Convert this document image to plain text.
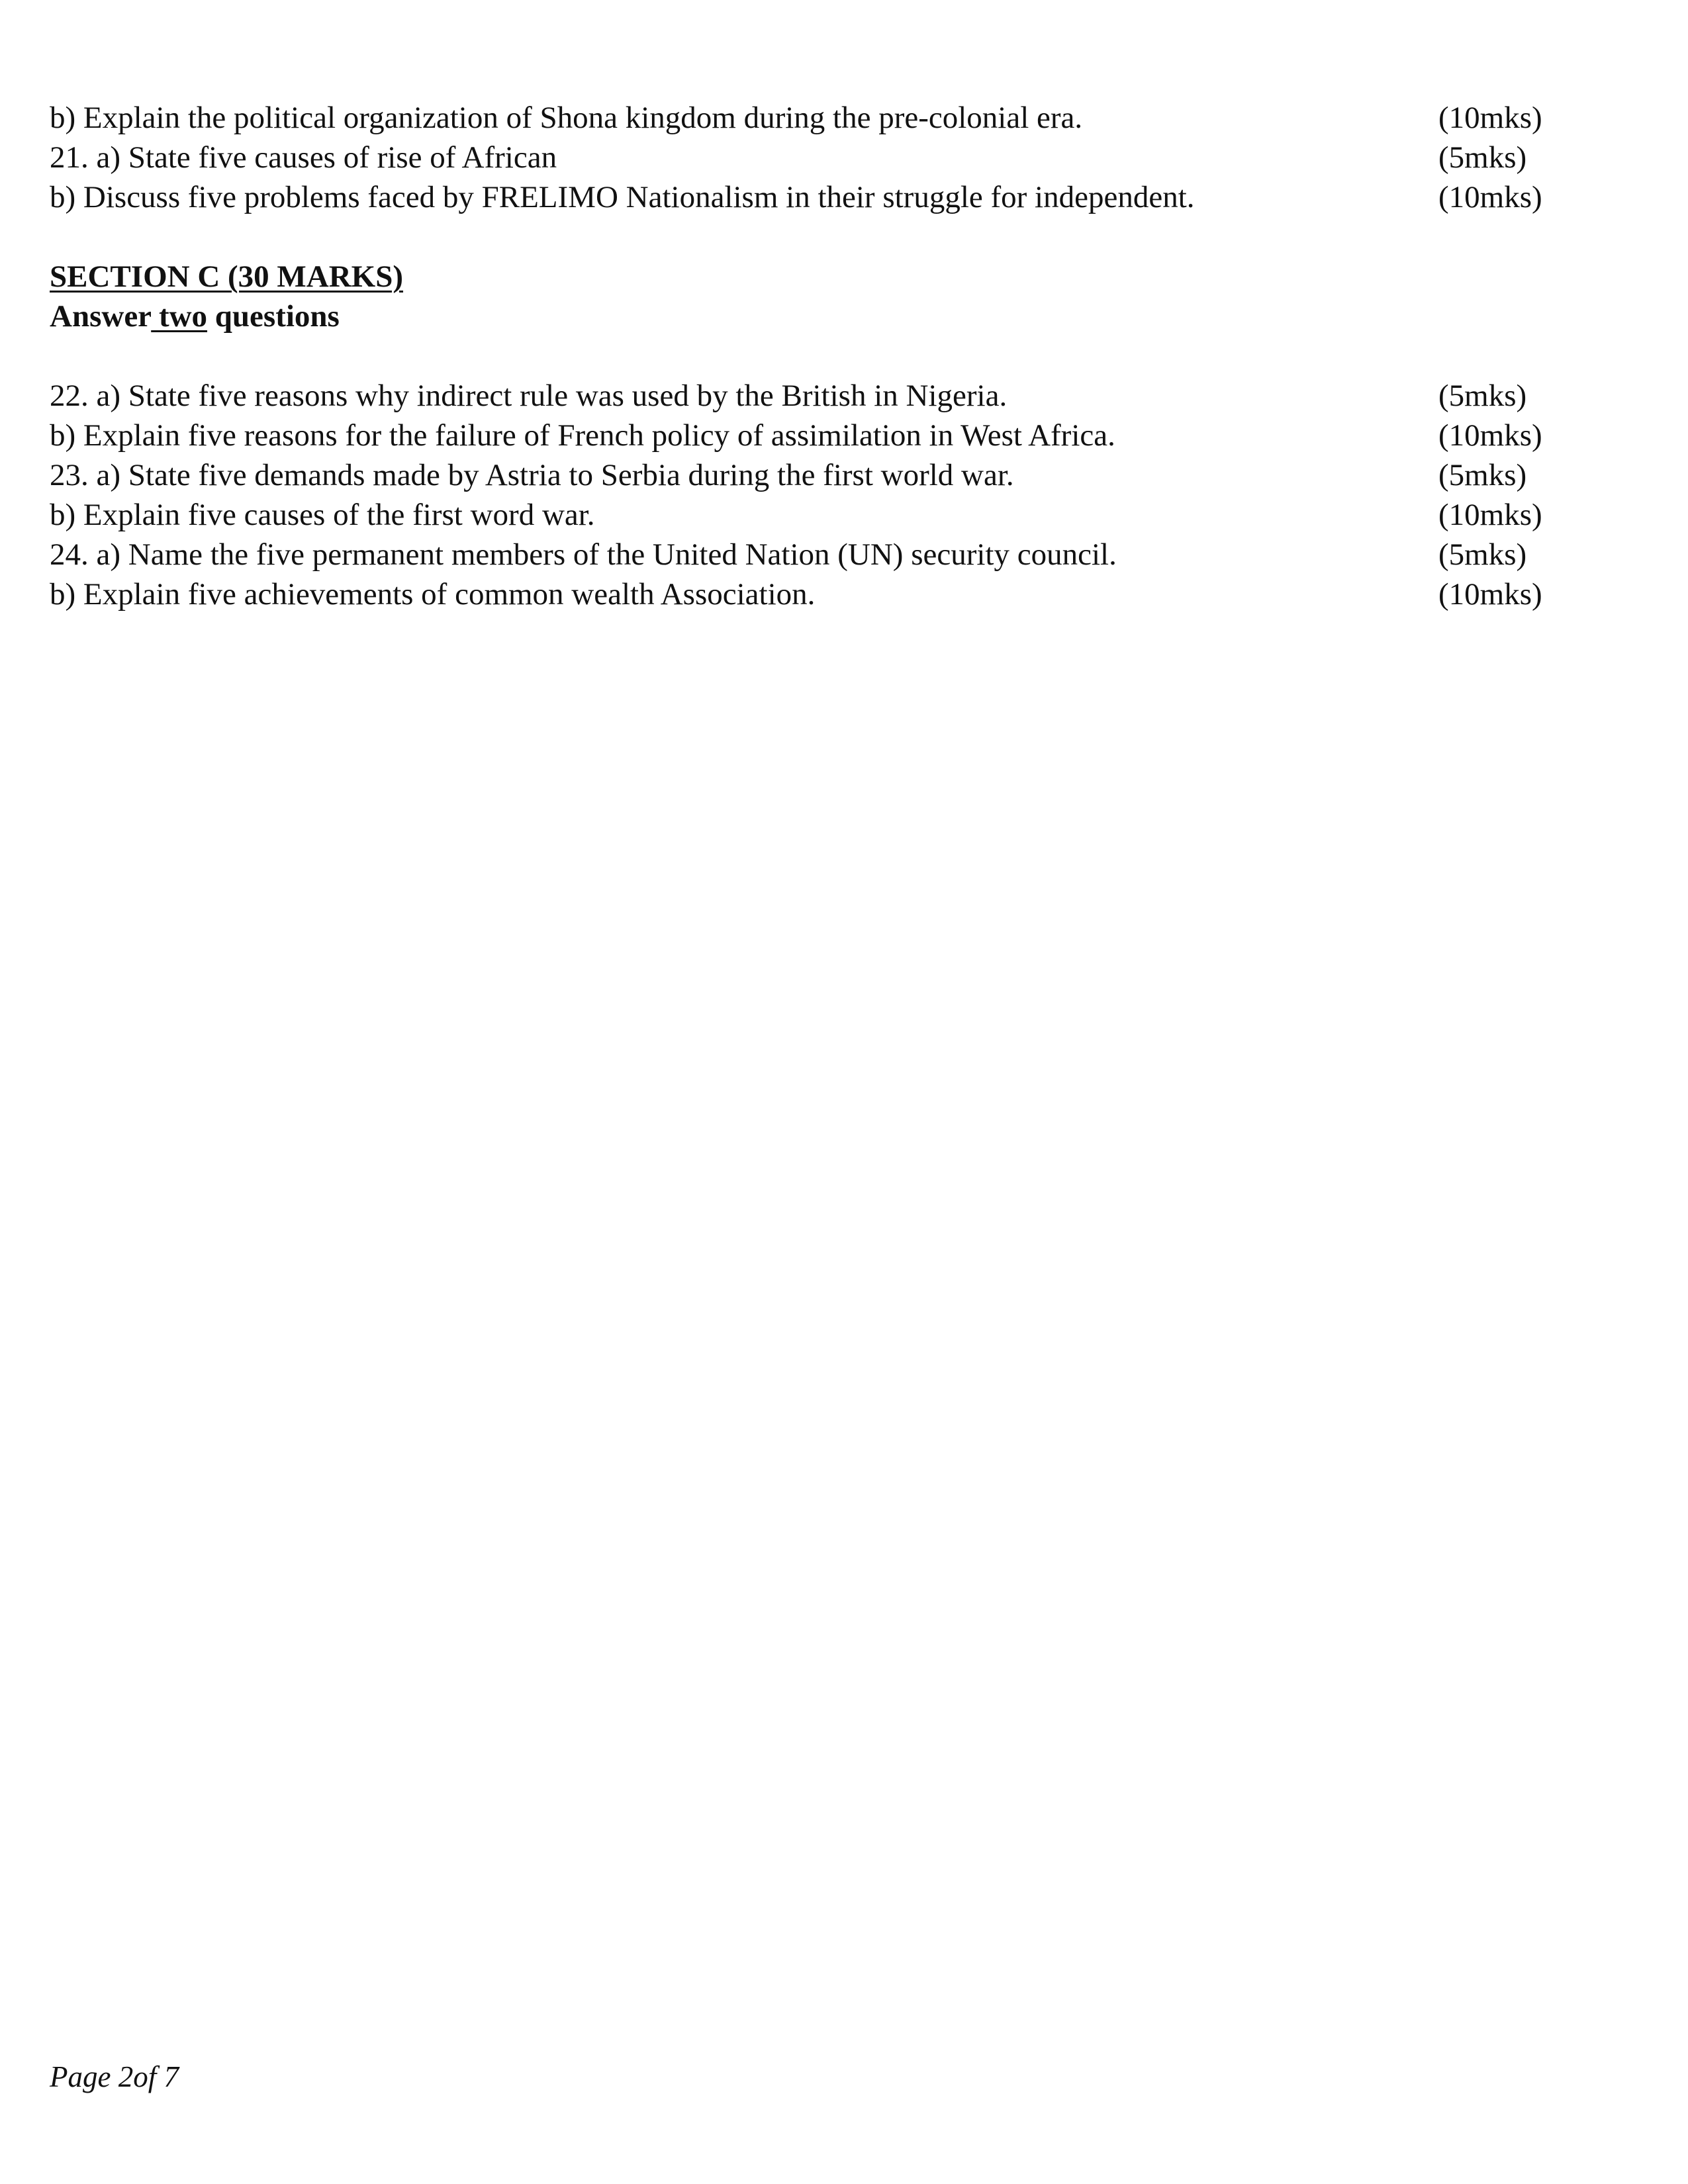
b) Explain the political organization of Shona kingdom during the pre-colonial era.	(10mks)
21. a) State five causes of rise of African	(5mks)
b) Discuss five problems faced by FRELIMO Nationalism in their struggle for independent.	(10mks)
SECTION C (30 MARKS)
Answer two questions
22. a) State five reasons why indirect rule was used by the British in Nigeria.	(5mks)
b) Explain five reasons for the failure of French policy of assimilation in West Africa.	(10mks)
23. a) State five demands made by Astria to Serbia during the first world war.	(5mks)
b) Explain five causes of the first word war.	(10mks)
24. a) Name the five permanent members of the United Nation (UN) security council.	(5mks)
b) Explain five achievements of common wealth Association.	(10mks)
Page 2of 7
